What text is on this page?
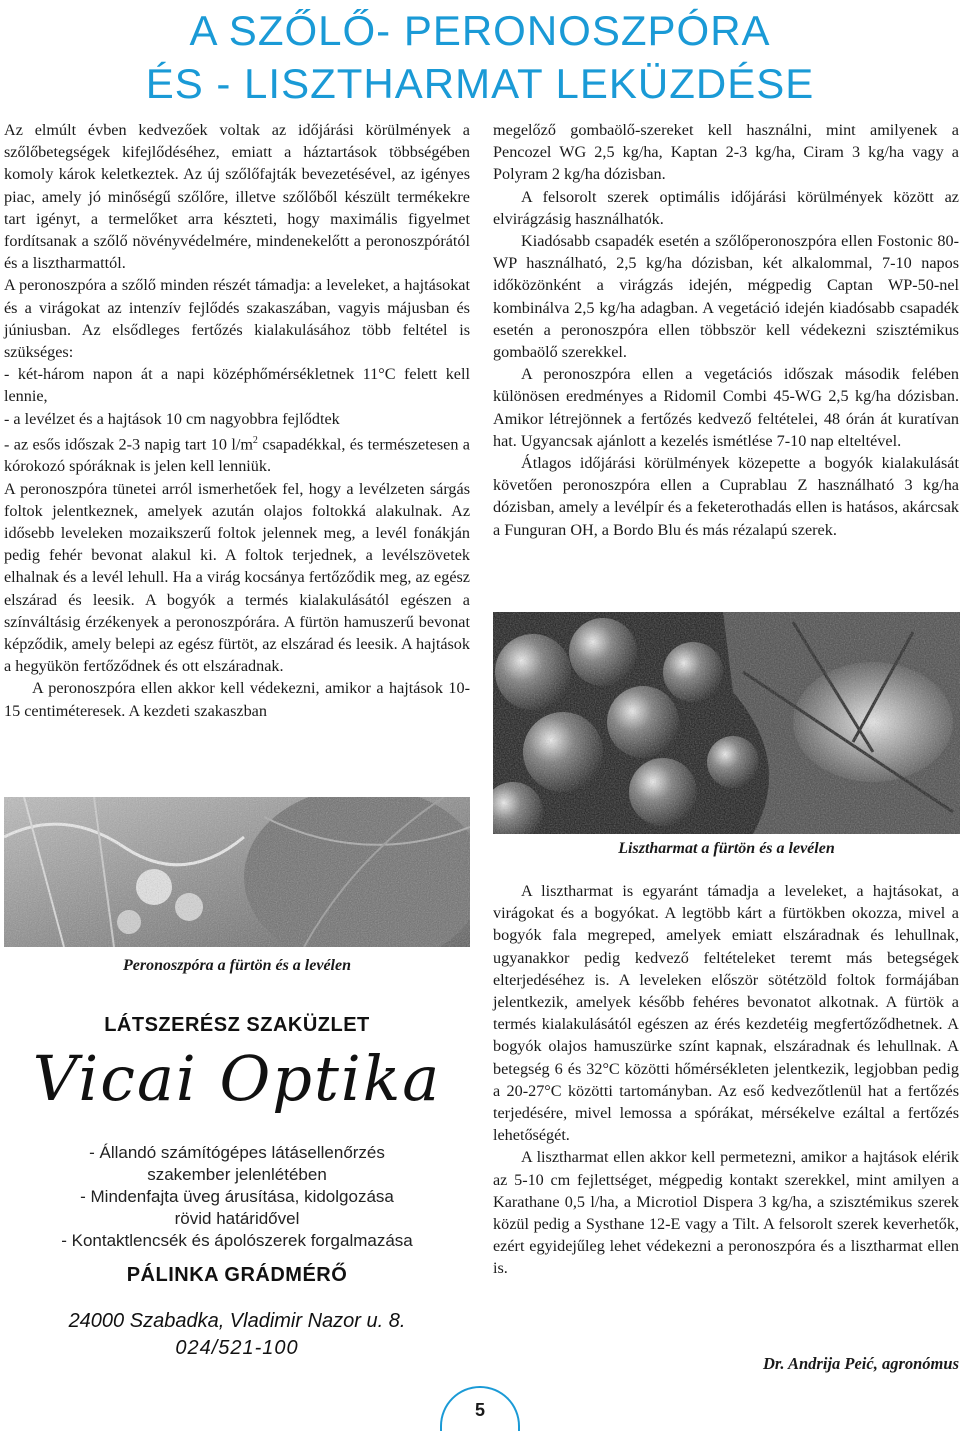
A SZŐLŐ- PERONOSZPÓRA
ÉS - LISZTHARMAT LEKÜZDÉSE

Az elmúlt évben kedvezőek voltak az időjárási körülmények a szőlőbetegségek kifejlődéséhez, emiatt a háztartások többségében komoly károk keletkeztek. Az új szőlőfajták bevezetésével, az igényes piac, amely jó minőségű szőlőre, illetve szőlőből készült termékekre tart igényt, a termelőket arra készteti, hogy maximális figyelmet fordítsanak a szőlő növényvédelmére, mindenekelőtt a peronoszpórától és a lisztharmattól.

A peronoszpóra a szőlő minden részét támadja: a leveleket, a hajtásokat és a virágokat az intenzív fejlődés szakaszában, vagyis májusban és júniusban. Az elsődleges fertőzés kialakulásához több feltétel is szükséges:

- két-három napon át a napi középhőmérsékletnek 11°C felett kell lennie,

- a levélzet és a hajtások 10 cm nagyobbra fejlődtek

- az esős időszak 2-3 napig tart 10 $l/m^2$ csapadékkal, és természetesen a kórokozó spóráknak is jelen kell lenniük.

A peronoszpóra tünetei arról ismerhetőek fel, hogy a levélzeten sárgás foltok jelentkeznek, amelyek azután olajos foltokká alakulnak. Az idősebb leveleken mozaikszerű foltok jelennek meg, a levél fonákján pedig fehér bevonat alakul ki. A foltok terjednek, a levélszövetek elhalnak és a levél lehull. Ha a virág kocsánya fertőződik meg, az egész elszárad és leesik. A bogyók a termés kialakulásától egészen a színváltásig érzékenyek a peronoszpórára. A fürtön hamuszerű bevonat képződik, amely belepi az egész fürtöt, az elszárad és leesik. A hajtások a hegyükön fertőződnek és ott elszáradnak.

A peronoszpóra ellen akkor kell védekezni, amikor a hajtások 10-15 centiméteresek. A kezdeti szakaszban

megelőző gombaölő-szereket kell használni, mint amilyenek a Pencozel WG 2,5 kg/ha, Kaptan 2-3 kg/ha, Ciram 3 kg/ha vagy a Polyram 2 kg/ha dózisban.

A felsorolt szerek optimális időjárási körülmények között az elvirágzásig használhatók.

Kiadósabb csapadék esetén a szőlőperonoszpóra ellen Fostonic 80-WP használható, 2,5 kg/ha dózisban, két alkalommal, 7-10 napos időközönként a virágzás idején, mégpedig Captan WP-50-nel kombinálva 2,5 kg/ha adagban. A vegetáció idején kiadósabb csapadék esetén a peronoszpóra ellen többször kell védekezni szisztémikus gombaölő szerekkel.

A peronoszpóra ellen a vegetációs időszak második felében különösen eredményes a Ridomil Combi 45-WG 2,5 kg/ha dózisban. Amikor létrejönnek a fertőzés kedvező feltételei, 48 órán át kuratívan hat. Ugyancsak ajánlott a kezelés ismétlése 7-10 nap elteltével.

Átlagos időjárási körülmények közepette a bogyók kialakulását követően peronoszpóra ellen a Cuprablau Z használható 3 kg/ha dózisban, amely a levélpír és a feketerothadás ellen is hatásos, akárcsak a Funguran OH, a Bordo Blu és más rézalapú szerek.

Peronoszpóra a fürtön és a levélen
Lisztharmat a fürtön és a levélen

A lisztharmat is egyaránt támadja a leveleket, a hajtásokat, a virágokat és a bogyókat. A legtöbb kárt a fürtökben okozza, mivel a bogyók fala megreped, amelyek emiatt elszáradnak és lehullnak, ugyanakkor pedig kedvező feltételeket teremt más betegségek elterjedéséhez is. A leveleken először sötétzöld foltok formájában jelentkezik, amelyek később fehéres bevonatot alkotnak. A fürtök a termés kialakulásától egészen az érés kezdetéig megfertőződhetnek. A bogyók olajos hamuszürke színt kapnak, elszáradnak és lehullnak. A betegség 6 és 32°C közötti hőmérsékleten jelentkezik, legjobban pedig a 20-27°C közötti tartományban. Az eső kedvezőtlenül hat a fertőzés terjedésére, mivel lemossa a spórákat, mérsékelve ezáltal a fertőzés lehetőségét.

A lisztharmat ellen akkor kell permetezni, amikor a hajtások elérik az 5-10 cm fejlettséget, mégpedig kontakt szerekkel, mint amilyen a Karathane 0,5 l/ha, a Microtiol Dispera 3 kg/ha, a szisztémikus szerek közül pedig a Systhane 12-E vagy a Tilt. A felsorolt szerek keverhetők, ezért egyidejűleg lehet védekezni a peronoszpóra és a lisztharmat ellen is.

LÁTSZERÉSZ SZAKÜZLET
Vicai Optika
- Állandó számítógépes látásellenőrzés
szakember jelenlétében
- Mindenfajta üveg árusítása, kidolgozása
rövid határidővel
- Kontaktlencsék és ápolószerek forgalmazása
PÁLINKA GRÁDMÉRŐ
24000 Szabadka, Vladimir Nazor u. 8.
024/521-100
Dr. Andrija Peić, agronómus
5
